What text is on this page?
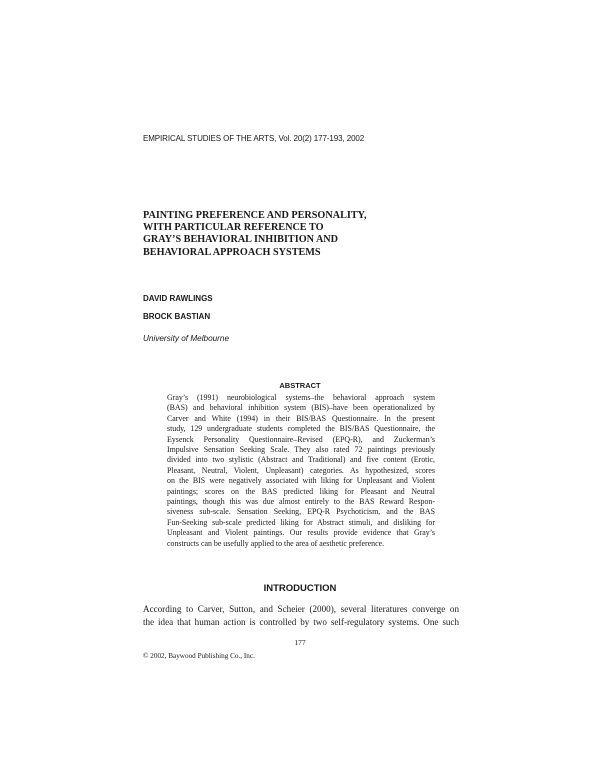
EMPIRICAL STUDIES OF THE ARTS, Vol. 20(2) 177-193, 2002
PAINTING PREFERENCE AND PERSONALITY,
WITH PARTICULAR REFERENCE TO
GRAY’S BEHAVIORAL INHIBITION AND
BEHAVIORAL APPROACH SYSTEMS
DAVID RAWLINGS
BROCK BASTIAN
University of Melbourne
ABSTRACT
Gray’s (1991) neurobiological systems–the behavioral approach system
(BAS) and behavioral inhibition system (BIS)–have been operationalized by
Carver and White (1994) in their BIS/BAS Questionnaire. In the present
study, 129 undergraduate students completed the BIS/BAS Questionnaire, the
Eysenck Personality Questionnaire–Revised (EPQ-R), and Zuckerman’s
Impulsive Sensation Seeking Scale. They also rated 72 paintings previously
divided into two stylistic (Abstract and Traditional) and five content (Erotic,
Pleasant, Neutral, Violent, Unpleasant) categories. As hypothesized, scores
on the BIS were negatively associated with liking for Unpleasant and Violent
paintings; scores on the BAS predicted liking for Pleasant and Neutral
paintings, though this was due almost entirely to the BAS Reward Respon-
siveness sub-scale. Sensation Seeking, EPQ-R Psychoticism, and the BAS
Fun-Seeking sub-scale predicted liking for Abstract stimuli, and disliking for
Unpleasant and Violent paintings. Our results provide evidence that Gray’s
constructs can be usefully applied to the area of aesthetic preference.
INTRODUCTION
According to Carver, Sutton, and Scheier (2000), several literatures converge on
the idea that human action is controlled by two self-regulatory systems. One such
177
© 2002, Baywood Publishing Co., Inc.
